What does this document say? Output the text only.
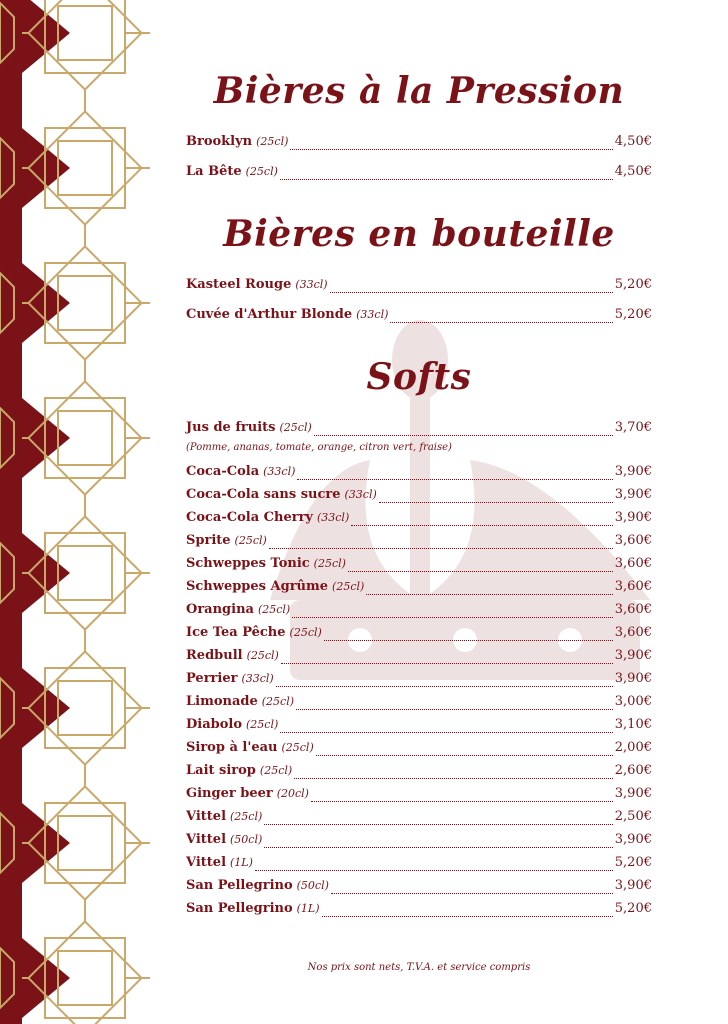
Bières à la Pression
Brooklyn (25cl)	4,50€
La Bête (25cl)	4,50€
Bières en bouteille
Kasteel Rouge (33cl)	5,20€
Cuvée d'Arthur Blonde (33cl)	5,20€
Softs
Jus de fruits (25cl)	3,70€
Coca-Cola (33cl)	3,90€
Coca-Cola sans sucre (33cl)	3,90€
Coca-Cola Cherry (33cl)	3,90€
Sprite (25cl)	3,60€
Schweppes Tonic (25cl)	3,60€
Schweppes Agrûme (25cl)	3,60€
Orangina (25cl)	3,60€
Ice Tea Pêche (25cl)	3,60€
Redbull (25cl)	3,90€
Perrier (33cl)	3,90€
Limonade (25cl)	3,00€
Diabolo (25cl)	3,10€
Sirop à l'eau (25cl)	2,00€
Lait sirop (25cl)	2,60€
Ginger beer (20cl)	3,90€
Vittel (25cl)	2,50€
Vittel (50cl)	3,90€
Vittel (1L)	5,20€
San Pellegrino (50cl)	3,90€
San Pellegrino (1L)	5,20€
(Pomme, ananas, tomate, orange, citron vert, fraise)
Nos prix sont nets, T.V.A. et service compris
